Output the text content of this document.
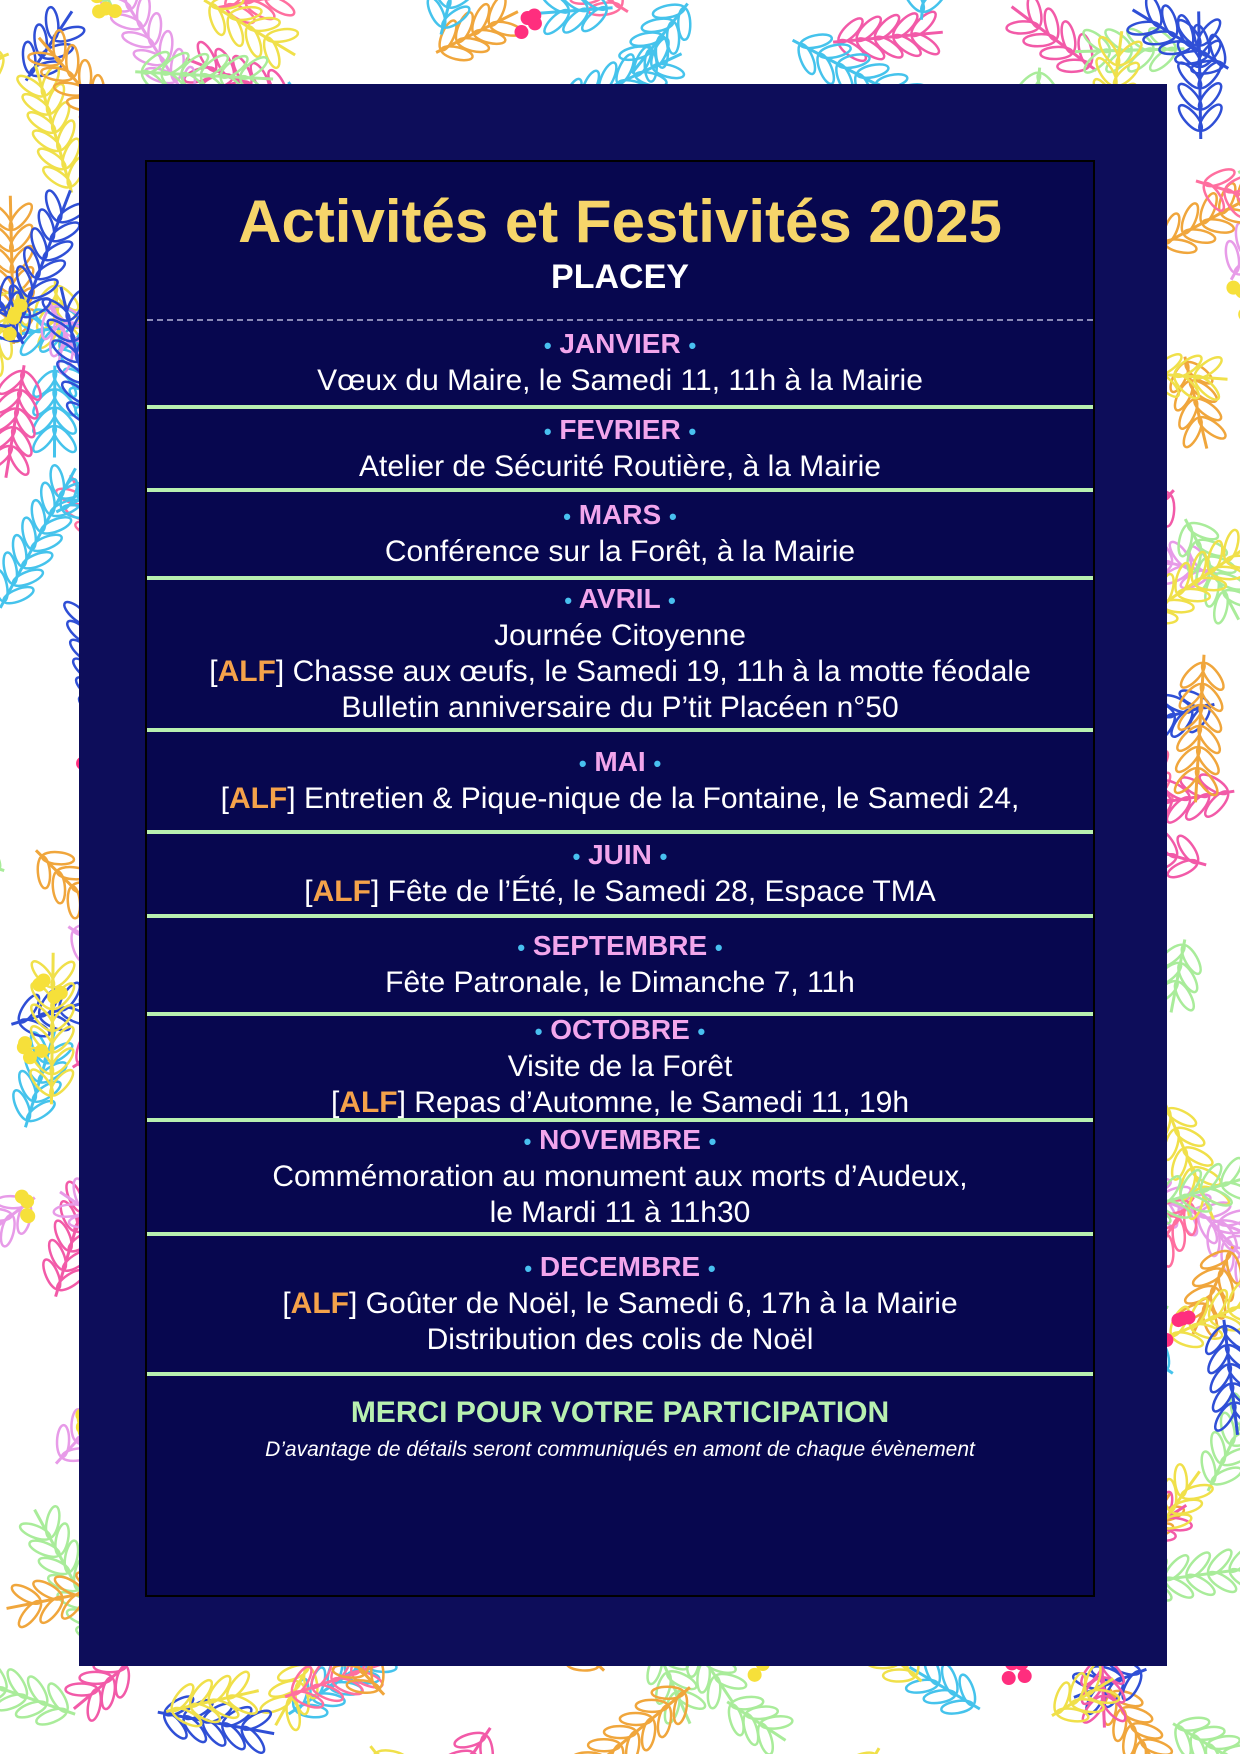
Activités et Festivités 2025
PLACEY
• JANVIER •
Vœux du Maire, le Samedi 11, 11h à la Mairie
• FEVRIER •
Atelier de Sécurité Routière, à la Mairie
• MARS •
Conférence sur la Forêt, à la Mairie
• AVRIL •
Journée Citoyenne
[ALF] Chasse aux œufs, le Samedi 19, 11h à la motte féodale
Bulletin anniversaire du P’tit Placéen n°50
• MAI •
[ALF] Entretien & Pique-nique de la Fontaine, le Samedi 24,
• JUIN •
[ALF] Fête de l’Été, le Samedi 28, Espace TMA
• SEPTEMBRE •
Fête Patronale, le Dimanche 7, 11h
• OCTOBRE •
Visite de la Forêt
[ALF] Repas d’Automne, le Samedi 11, 19h
• NOVEMBRE •
Commémoration au monument aux morts d’Audeux,
le Mardi 11 à 11h30
• DECEMBRE •
[ALF] Goûter de Noël, le Samedi 6, 17h à la Mairie
Distribution des colis de Noël
MERCI POUR VOTRE PARTICIPATION
D’avantage de détails seront communiqués en amont de chaque évènement
